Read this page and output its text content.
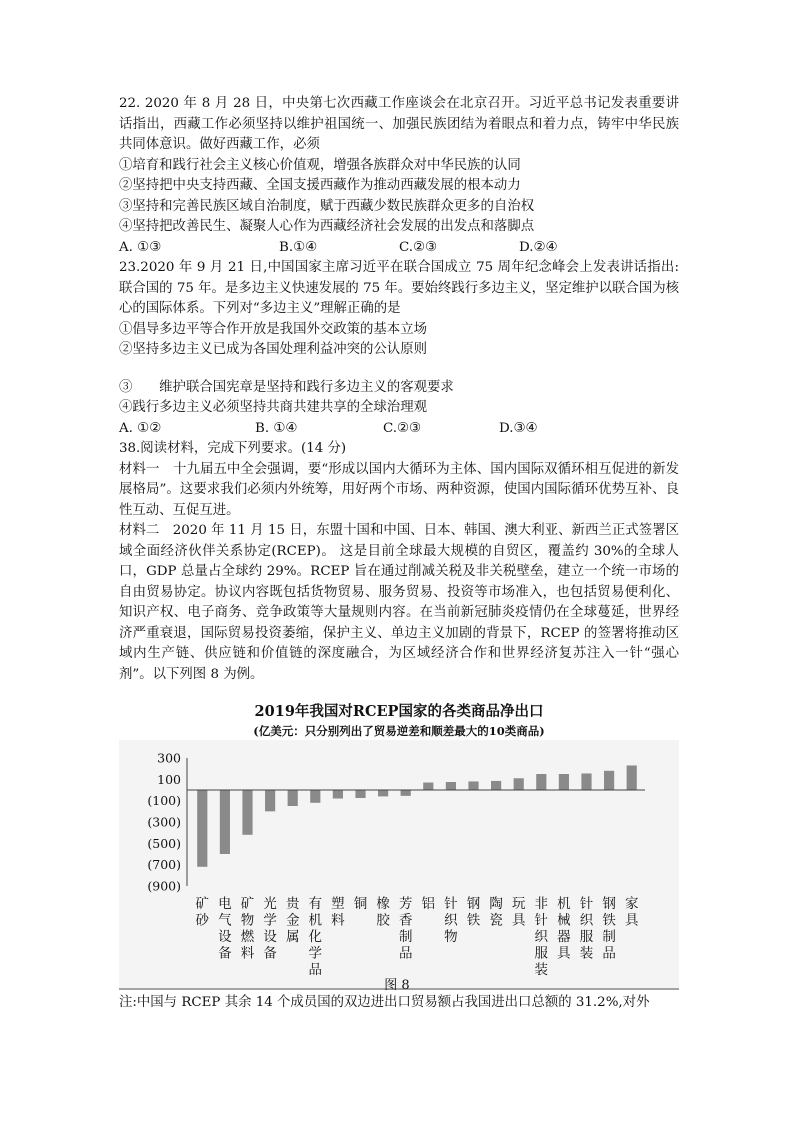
22. 2020 年 8 月 28 日，中央第七次西藏工作座谈会在北京召开。习近平总书记发表重要讲话指出，西藏工作必须坚持以维护祖国统一、加强民族团结为着眼点和着力点，铸牢中华民族共同体意识。做好西藏工作，必须

①培育和践行社会主义核心价值观，增强各族群众对中华民族的认同

②坚持把中央支持西藏、全国支援西藏作为推动西藏发展的根本动力

③坚持和完善民族区域自治制度，赋于西藏少数民族群众更多的自治权

④坚持把改善民生、凝聚人心作为西藏经济社会发展的出发点和落脚点

A. ①③	B.①④	C.②③	D.②④

23.2020 年 9 月 21 日,中国国家主席习近平在联合国成立 75 周年纪念峰会上发表讲话指出:联合国的 75 年。是多边主义快速发展的 75 年。要始终践行多边主义，坚定维护以联合国为核心的国际体系。下列对“多边主义”理解正确的是

①倡导多边平等合作开放是我国外交政策的基本立场

②坚持多边主义已成为各国处理利益冲突的公认原则

③　　维护联合国宪章是坚持和践行多边主义的客观要求

④践行多边主义必须坚持共商共建共享的全球治理观

A. ①②	B. ①④	C.②③	D.③④

38.阅读材料，完成下列要求。(14 分)

材料一　十九届五中全会强调，要“形成以国内大循环为主体、国内国际双循环相互促进的新发展格局”。这要求我们必须内外统筹，用好两个市场、两种资源，使国内国际循环优势互补、良性互动、互促互进。

材料二　2020 年 11 月 15 日，东盟十国和中国、日本、韩国、澳大利亚、新西兰正式签署区域全面经济伙伴关系协定(RCEP)。 这是目前全球最大规模的自贸区，覆盖约 30%的全球人口，GDP 总量占全球约 29%。RCEP 旨在通过削减关税及非关税壁垒，建立一个统一市场的自由贸易协定。协议内容既包括货物贸易、服务贸易、投资等市场准入，也包括贸易便利化、知识产权、电子商务、竞争政策等大量规则内容。在当前新冠肺炎疫情仍在全球蔓延，世界经济严重衰退，国际贸易投资萎缩，保护主义、单边主义加剧的背景下，RCEP 的签署将推动区域内生产链、供应链和价值链的深度融合，为区域经济合作和世界经济复苏注入一针“强心剂”。以下列图 8 为例。

2019年我国对RCEP国家的各类商品净出口

(亿美元：只分别列出了贸易逆差和顺差最大的10类商品)

300
100
(100)
(300)
(500)
(700)
(900)
矿砂
电气设备
矿物燃料
光学设备
贵金属
有机化学品
塑料
铜 橡胶
芳香制品
铝 针织物
钢铁
陶瓷
玩具
非针织服装
机械器具
针织服装
钢铁制品
家具
图 8
注:中国与 RCEP 其余 14 个成员国的双边进出口贸易额占我国进出口总额的 31.2%,对外
